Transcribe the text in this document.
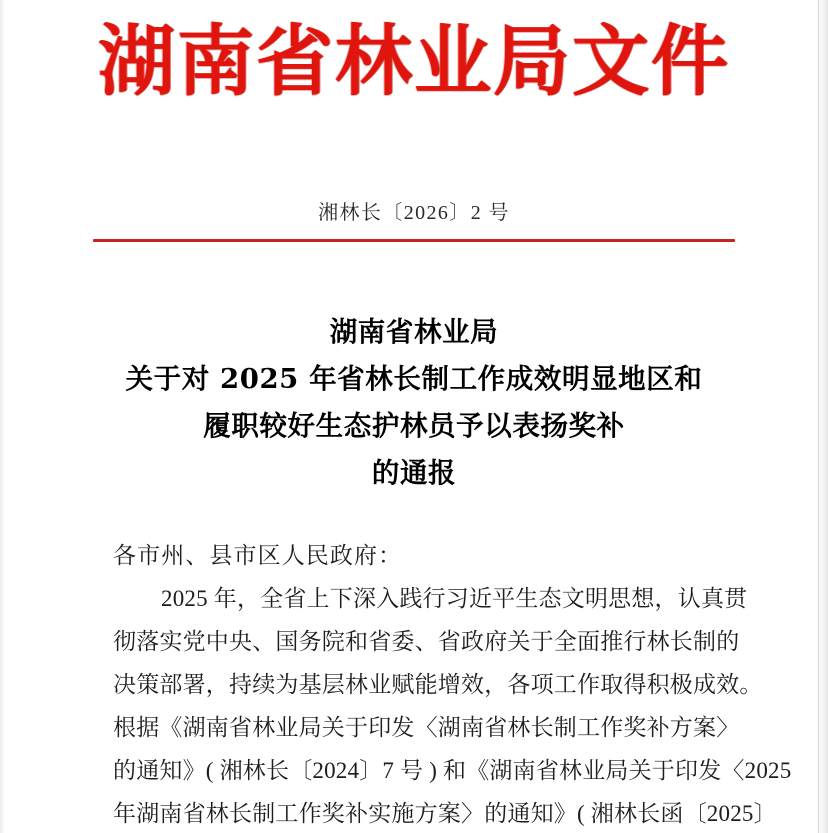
湖南省林业局文件
湘林长〔2026〕2 号
湖南省林业局
关于对 2025 年省林长制工作成效明显地区和
履职较好生态护林员予以表扬奖补
的通报
各市州、县市区人民政府：
2025 年，全省上下深入践行习近平生态文明思想，认真贯
彻落实党中央、国务院和省委、省政府关于全面推行林长制的
决策部署，持续为基层林业赋能增效，各项工作取得积极成效。
根据《湖南省林业局关于印发〈湖南省林长制工作奖补方案〉
的通知》( 湘林长〔2024〕7 号 ) 和《湖南省林业局关于印发〈2025
年湖南省林长制工作奖补实施方案〉的通知》( 湘林长函〔2025〕
